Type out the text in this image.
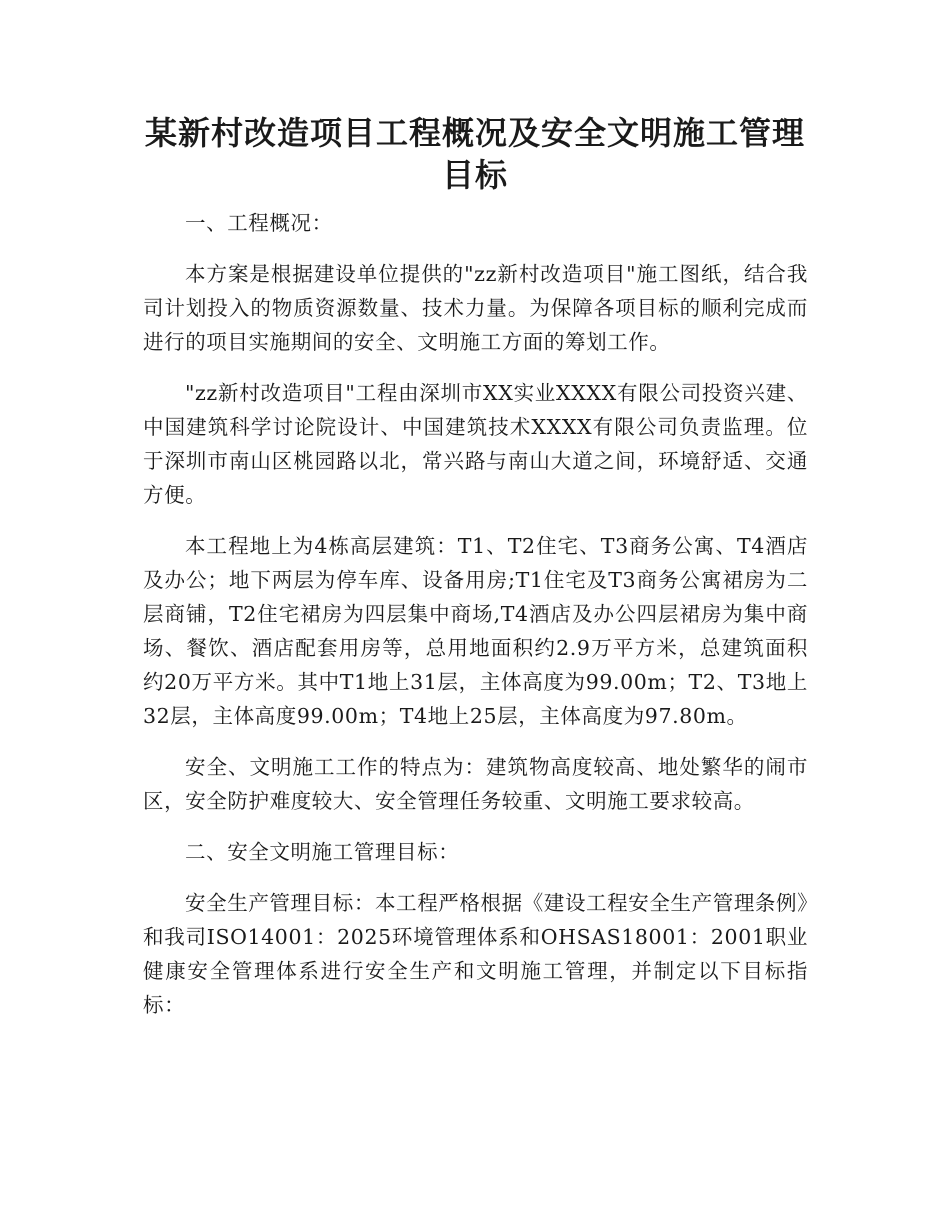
某新村改造项目工程概况及安全文明施工管理目标

一、工程概况：

本方案是根据建设单位提供的"zz新村改造项目"施工图纸，结合我司计划投入的物质资源数量、技术力量。为保障各项目标的顺利完成而进行的项目实施期间的安全、文明施工方面的筹划工作。

"zz新村改造项目"工程由深圳市XX实业XXXX有限公司投资兴建、中国建筑科学讨论院设计、中国建筑技术XXXX有限公司负责监理。位于深圳市南山区桃园路以北，常兴路与南山大道之间，环境舒适、交通方便。

本工程地上为4栋高层建筑：T1、T2住宅、T3商务公寓、T4酒店及办公；地下两层为停车库、设备用房;T1住宅及T3商务公寓裙房为二层商铺，T2住宅裙房为四层集中商场,T4酒店及办公四层裙房为集中商场、餐饮、酒店配套用房等，总用地面积约2.9万平方米，总建筑面积约20万平方米。其中T1地上31层，主体高度为99.00m；T2、T3地上32层，主体高度99.00m；T4地上25层，主体高度为97.80m。

安全、文明施工工作的特点为：建筑物高度较高、地处繁华的闹市区，安全防护难度较大、安全管理任务较重、文明施工要求较高。

二、安全文明施工管理目标：

安全生产管理目标：本工程严格根据《建设工程安全生产管理条例》和我司ISO14001：2025环境管理体系和OHSAS18001：2001职业健康安全管理体系进行安全生产和文明施工管理，并制定以下目标指标：
